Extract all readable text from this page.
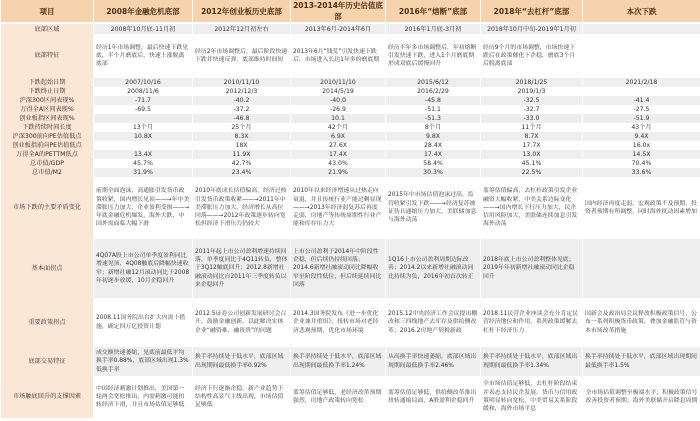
项目	2008年金融危机底部	2012年创业板历史底部	2013-2014年历史估值底部	2016年“熔断”底部	2018年“去杠杆”底部	本次下跌
底部区域	2008年10月底-11月初	2012年12月初左右	2013年6月-2014年6月	2016年1月底-3月初	2018年10月中旬-2019年1月初	
底部特征	经历1年市场调整，最后快速下跌见底，半个月磨底后，快速上涨脱离底部	经历2年市场调整后，最后阶段快速下跌并快速反弹，底部维持时间短	2013年6月“钱荒”引发快速下跌后，市场进入长达1年多的磨底期	经历半年多市场调整后，年初熔断引发快速下跌，进入1个月磨底期形成双底后缓慢回升	经历9个月的市场调整，市场快速下跌后在政策催化下企稳，磨底3个月后脱离底部	
下跌起始日期	2007/10/16	2010/11/10	2010/11/10	2015/6/12	2018/1/25	2021/2/18
下跌终止日期	2008/11/6	2012/12/3	2014/5/19	2016/2/29	2019/1/3	
沪深300区间表现%	-71.7	-40.2	-40.0	-45.8	-32.5	-41.4
万得全A区间表现%	-69.5	-37.2	-26.9	-51.1	-32.7	-27.5
创业板指区间表现%		-46.8	10.1	-51.3	-33.0	-51.9
下跌持续时间长度	13个月	25个月	42个月	8个月	11个月	43个月
沪深300前向PE估值低点	10.8X	8.3X	6.9X	9.8X	8.7X	9.4X
创业板指前向PE估值低点		18X	27.6X	28.4X	17.7X	16.0x
万得全A的PETTM低点	13.4X	11.9X	17.4X	17.4X	13.0X	14.5X
总市值/GDP	45.7%	42.7%	43.0%	58.4%	45.1%	70.4%
总市值/M2	31.9%	23.4%	21.9%	30.3%	22.5%	33.6%
市场下跌的主要矛盾变化	前期全面泡沫，高通胀引发货币政策收紧，国内增长见顶——→年中美滞胀压力加大，企业盈利受损——→年底金融危机爆发，海外大跌，中国外需面临大幅下滑	2010年底成长估值偏高，经济过热引发货币政策收紧——→2011年中美滞胀压力加大，经济增长从高位回落——→2012年政策逐步转向宽松但经济下滑压力仍较大	2010年以来经济增速从过热走向衰退，并且传统行业产能过剩显现——→2013年经济弱复苏后再度走弱，房地产等传统周期性行业产能和库存压力大	2015年中市场估值泡沫过高，监管收紧引发下跌——→经济复苏被证伪且通缩压力加大，美联储加息与海外动荡	蓝筹估值偏高，去杠杆政策引发企业融资大幅收紧，中美关系边际变化——→国内增长下行压力加大，民企信用风险加大，美联储连续加息引发海外动荡	国内经济再度走弱，宏观政策不及预期，投资者预期有所调整，同时海外扰动因素增加
基本面拐点	4Q07A股上市公司单季度盈利同比增速见顶，4Q08触底后降幅快速收窄；新增社融12月滚动同比于2008年初逐步放缓，10月企稳回升	2011年起上市公司盈利增速持续回落，单季度同比于4Q11转负，整体于3Q12触底回升；2012.8新增社融滚动同比自2011年三季度转负以来企稳回升	上市公司盈利于2014年中阶段性企稳，但后续仍持续回落；2014.6新增社融滚动同比降幅收窄至阶段性低位，但后续延续同比回落	1Q16上市公司盈利周期边际改善；2014.2以来新增社融滚动同比持续为负，2016年初首次转正	2018年底上市公司盈利整体见底；2019年年初新增社融滚动同比企稳回升	
重要政策拐点	2008.11国务院出台扩大内需十措施，确定四万亿投资计划	2012.5证券公司创新发展研讨会召开，鼓励金融创新，以此解决实体企业“融资难、融资贵”的问题	2014.3国务院发布《进一步优化企业兼并重组》，扭转市场对老经济悲观预期，优化市场环境	2015.12中央经济工作会议提出棚改和三四线地产去库存及供给侧改革；2016.2房地产契税新政	2018.11民营企业座谈会充分肯定民营经济地位和作用，系列政策缓解去杠杆下经济压力	国新会及政治局会议释放积极政策信号，公布一系列积极货币政策，叠加金融监管与资本市场改革措施
底部交易特征	成交额快速萎缩，见底前最低平均换手率0.88%，底部区域出现1.3%低换手率	换手率持续处于低水平，底部区域出现期间最低换手率0.92%	换手率持续处于低水平，底部区域出现期间最低换手率1.24%	从高换手率快速萎缩，底部区域出现期间最低换手率2.46%	换手率持续处于低水平，底部区域出现期间最低换手率1.34%	换手率持续处于低水平，底部区域出现期间最低换手率1.5%
市场触底回升的支撑因素	中国经济刺激计划推出，美国第一轮两会宽松推出，内需刺激可能扭转经济下滑，并且市场估值足够低	经济下行逐渐企稳，新产业趋势下结构性高景气主线出现，市场估值足够低	蓝筹估值足够低，老经济改革预期强烈，房地产政策转向宽松	蓝筹估值足够低，供给侧改革推出扭转通缩局面，A股盈利企稳回升	全市场估值足够低，去杠杆阶段结束并表态支持民企发展，货币与信用政策明显转向宽松，中美贸易关系阶段缓和，海外市场平息	全市场估值调整至极端水平；积极政策信号改善投资者预期；海外美联储开启降息周期
